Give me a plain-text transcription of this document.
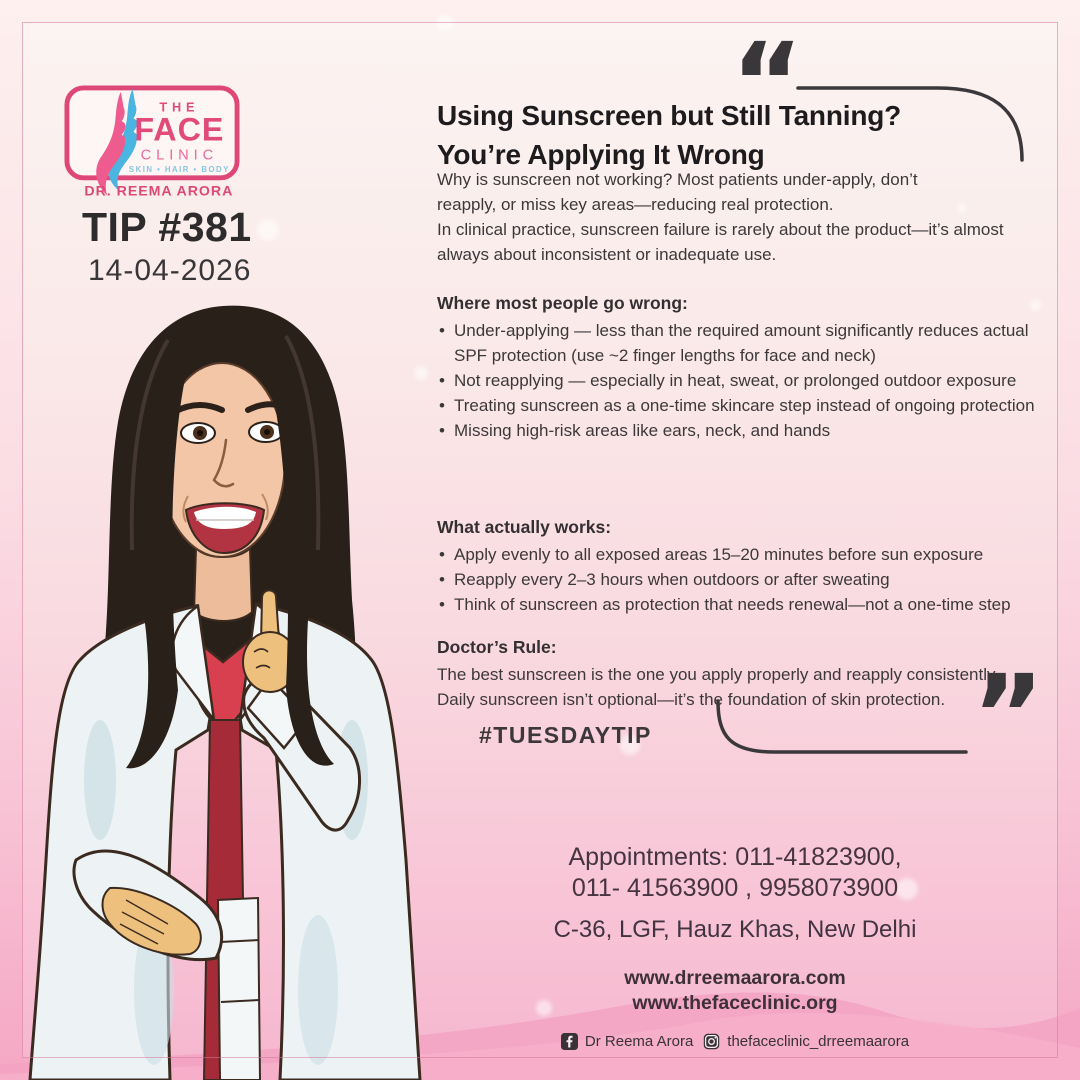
THE
FACE
CLINIC
SKIN • HAIR • BODY
DR. REEMA ARORA
TIP #381
14-04-2026
“
”
Using Sunscreen but Still Tanning?
You’re Applying It Wrong
Why is sunscreen not working? Most patients under-apply, don’t
reapply, or miss key areas—reducing real protection.
In clinical practice, sunscreen failure is rarely about the product—it’s almost
always about inconsistent or inadequate use.
Where most people go wrong:
• Under-applying — less than the required amount significantly reduces actual SPF protection (use ~2 finger lengths for face and neck)
• Not reapplying — especially in heat, sweat, or prolonged outdoor exposure
• Treating sunscreen as a one-time skincare step instead of ongoing protection
• Missing high-risk areas like ears, neck, and hands
What actually works:
• Apply evenly to all exposed areas 15–20 minutes before sun exposure
• Reapply every 2–3 hours when outdoors or after sweating
• Think of sunscreen as protection that needs renewal—not a one-time step
Doctor’s Rule:
The best sunscreen is the one you apply properly and reapply consistently.
Daily sunscreen isn’t optional—it’s the foundation of skin protection.
#TUESDAYTIP
Appointments: 011-41823900,
011- 41563900 , 9958073900
C-36, LGF, Hauz Khas, New Delhi
www.drreemaarora.com
www.thefaceclinic.org
Dr Reema Arora thefaceclinic_drreemaarora
